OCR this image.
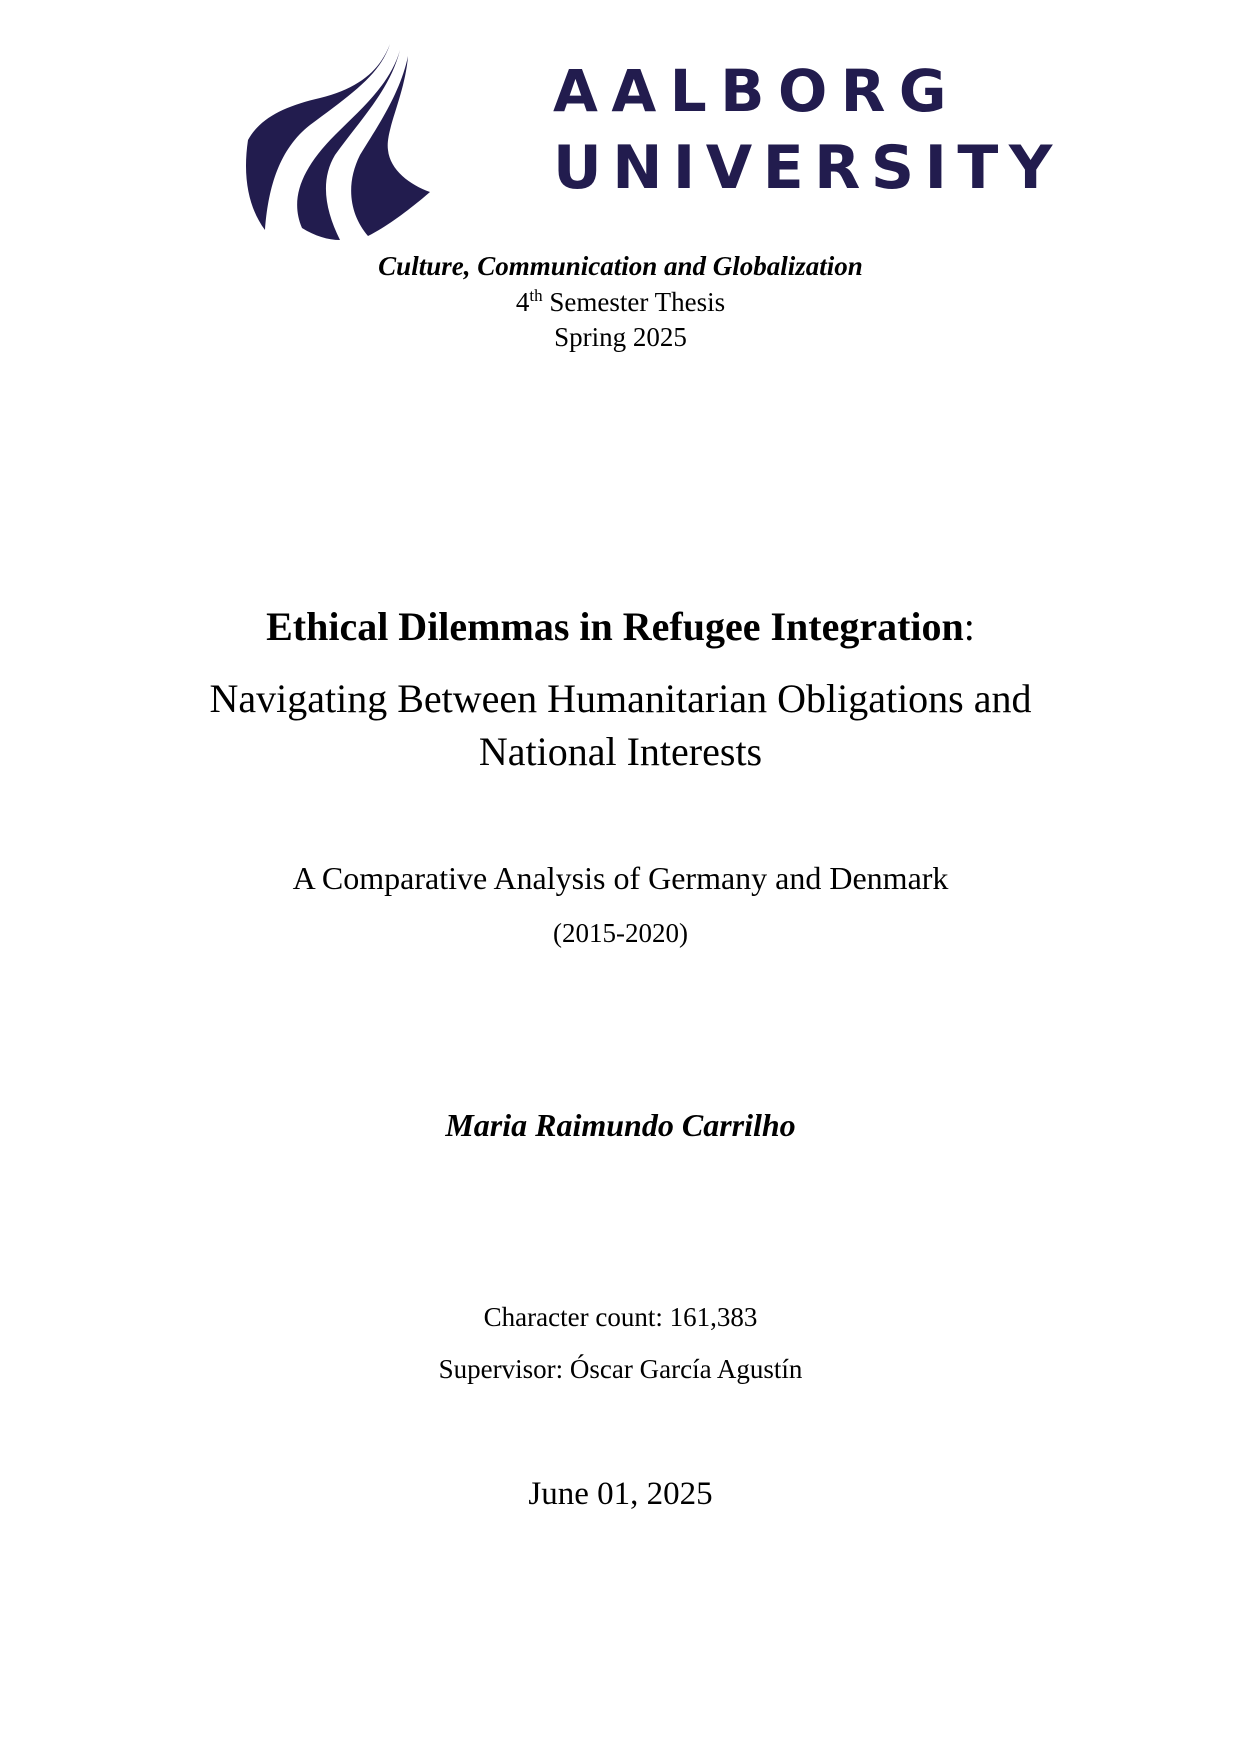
AALBORG
UNIVERSITY
Culture, Communication and Globalization
4th Semester Thesis
Spring 2025
Ethical Dilemmas in Refugee Integration:
Navigating Between Humanitarian Obligations and
National Interests
A Comparative Analysis of Germany and Denmark
(2015-2020)
Maria Raimundo Carrilho
Character count: 161,383
Supervisor: Óscar García Agustín
June 01, 2025
